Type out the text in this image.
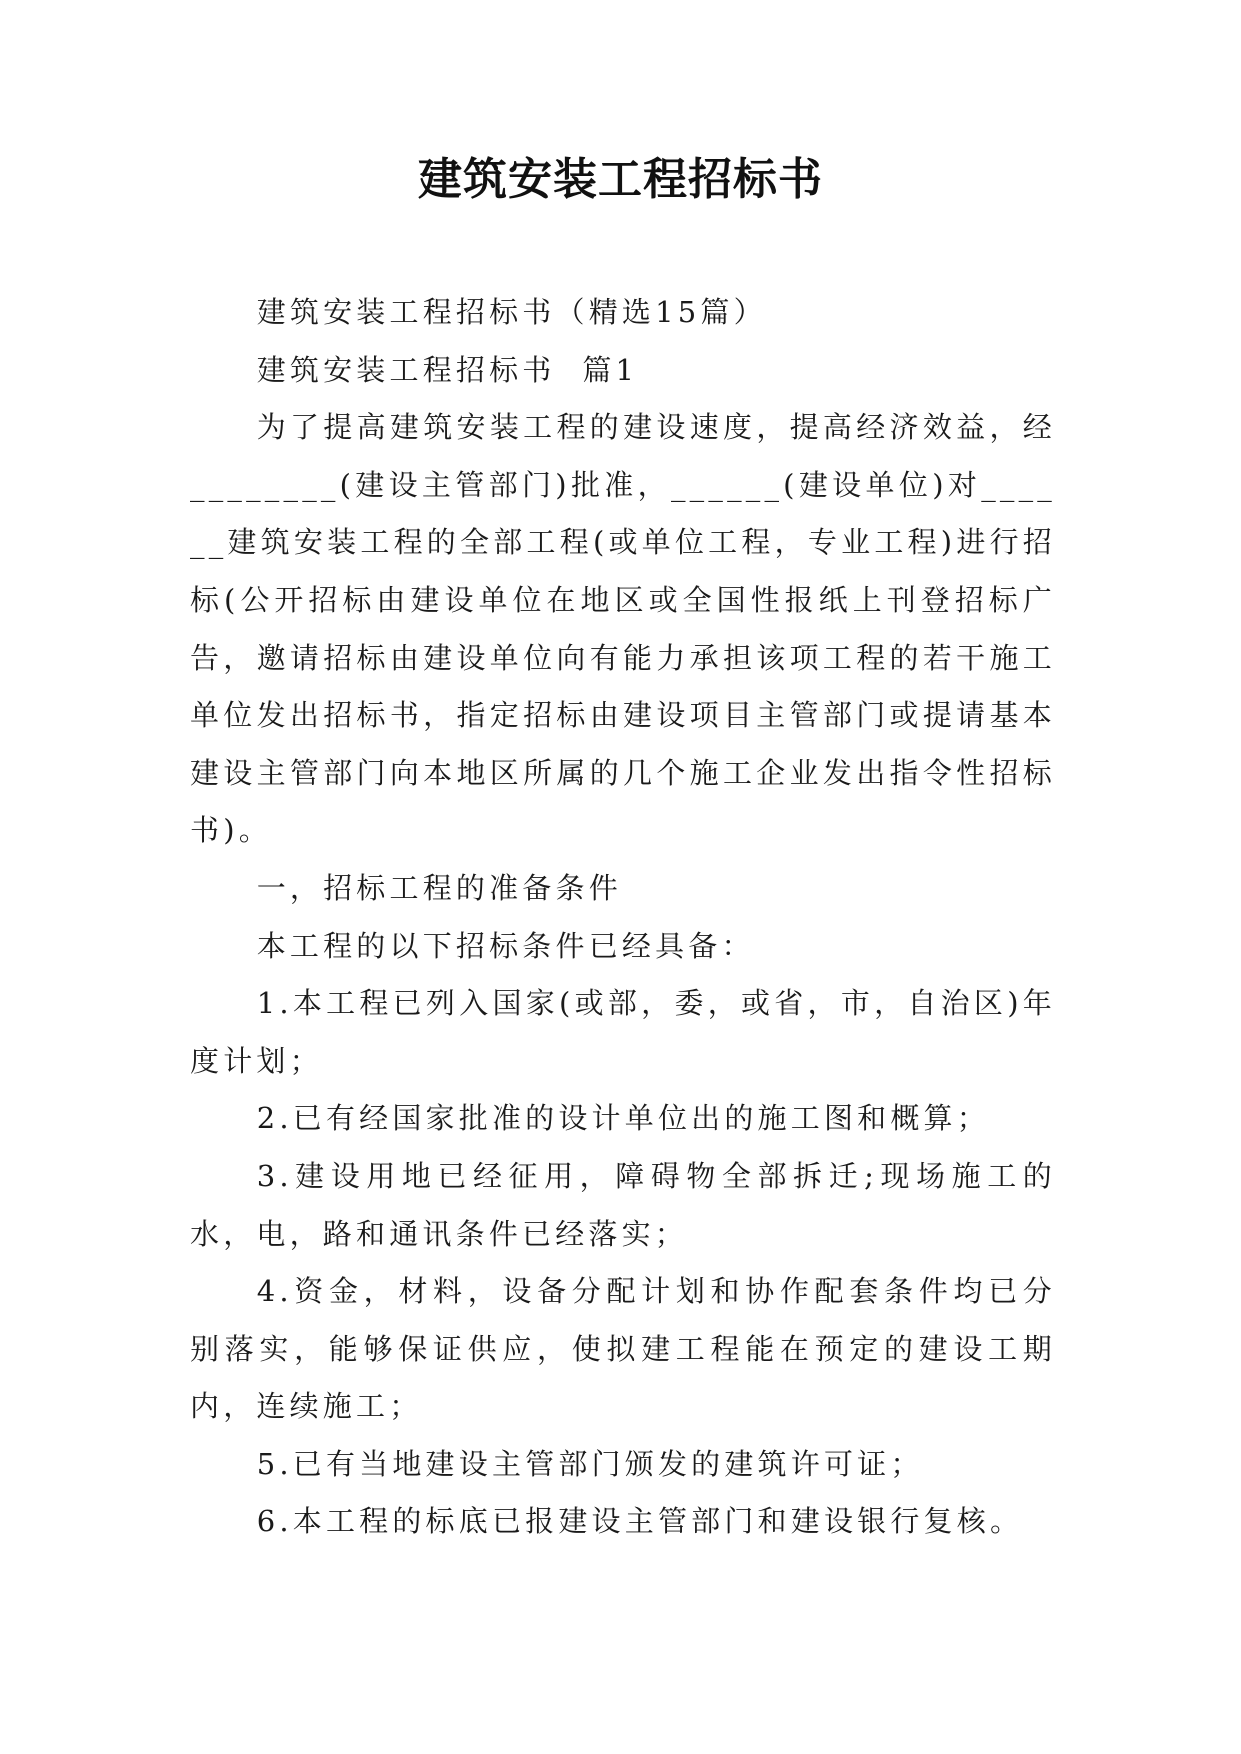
建筑安装工程招标书

建筑安装工程招标书（精选15篇）

建筑安装工程招标书  篇1

为了提高建筑安装工程的建设速度，提高经济效益，经________(建设主管部门)批准，______(建设单位)对______建筑安装工程的全部工程(或单位工程，专业工程)进行招标(公开招标由建设单位在地区或全国性报纸上刊登招标广告，邀请招标由建设单位向有能力承担该项工程的若干施工单位发出招标书，指定招标由建设项目主管部门或提请基本建设主管部门向本地区所属的几个施工企业发出指令性招标书)。

一，招标工程的准备条件

本工程的以下招标条件已经具备：

1.本工程已列入国家(或部，委，或省，市，自治区)年度计划；

2.已有经国家批准的设计单位出的施工图和概算；

3.建设用地已经征用，障碍物全部拆迁;现场施工的水，电，路和通讯条件已经落实；

4.资金，材料，设备分配计划和协作配套条件均已分别落实，能够保证供应，使拟建工程能在预定的建设工期内，连续施工；

5.已有当地建设主管部门颁发的建筑许可证；

6.本工程的标底已报建设主管部门和建设银行复核。
